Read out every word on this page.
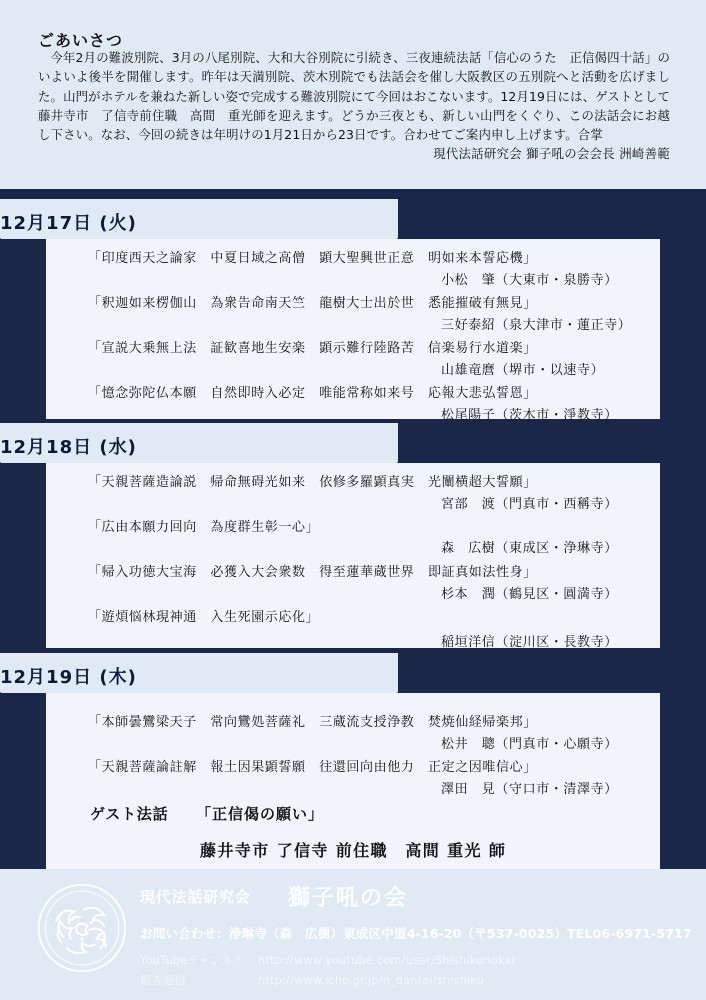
ごあいさつ

今年2月の難波別院、3月の八尾別院、大和大谷別院に引続き、三夜連続法話「信心のうた　正信偈四十話」のいよいよ後半を開催します。昨年は天満別院、茨木別院でも法話会を催し大阪教区の五別院へと活動を広げました。山門がホテルを兼ねた新しい姿で完成する難波別院にて今回はおこないます。12月19日には、ゲストとして藤井寺市　了信寺前住職　高間　重光師を迎えます。どうか三夜とも、新しい山門をくぐり、この法話会にお越し下さい。なお、今回の続きは年明けの1月21日から23日です。合わせてご案内申し上げます。合掌
現代法話研究会 獅子吼の会会長 洲崎善範

12月17日 (火)
「印度西天之論家　中夏日域之高僧　顕大聖興世正意　明如来本誓応機」
小松　肇（大東市・泉勝寺）
「釈迦如来楞伽山　為衆告命南天竺　龍樹大士出於世　悉能摧破有無見」
三好泰紹（泉大津市・蓮正寺）
「宣説大乗無上法　証歓喜地生安楽　顕示難行陸路苦　信楽易行水道楽」
山雄竜麿（堺市・以速寺）
「憶念弥陀仏本願　自然即時入必定　唯能常称如来号　応報大悲弘誓恩」
松尾陽子（茨木市・淨教寺）
12月18日 (水)
「天親菩薩造論説　帰命無碍光如来　依修多羅顕真実　光闡横超大誓願」
宮部　渡（門真市・西稱寺）
「広由本願力回向　為度群生彰一心」
森　広樹（東成区・浄琳寺）
「帰入功徳大宝海　必獲入大会衆数　得至蓮華蔵世界　即証真如法性身」
杉本　潤（鶴見区・圓満寺）
「遊煩悩林現神通　入生死園示応化」
稲垣洋信（淀川区・長教寺）
12月19日 (木)
「本師曇鸞梁天子　常向鸞処菩薩礼　三蔵流支授浄教　焚焼仙経帰楽邦」
松井　聰（門真市・心願寺）
「天親菩薩論註解　報土因果顕誓願　往還回向由他力　正定之因唯信心」
澤田　見（守口市・清澤寺）
ゲスト法話 「正信偈の願い」
藤井寺市 了信寺 前住職　高間 重光 師
現代法話研究会 獅子吼の会
お問い合わせ：浄琳寺（森　広樹）東成区中道4-16-20（〒537-0025）TEL06-6971-5717
YouTubeチャンネル http://www.youtube.com/user/Shishikunokai
銀杏通信	http://www.icho.gr.jp/n_dantai/shishiku
